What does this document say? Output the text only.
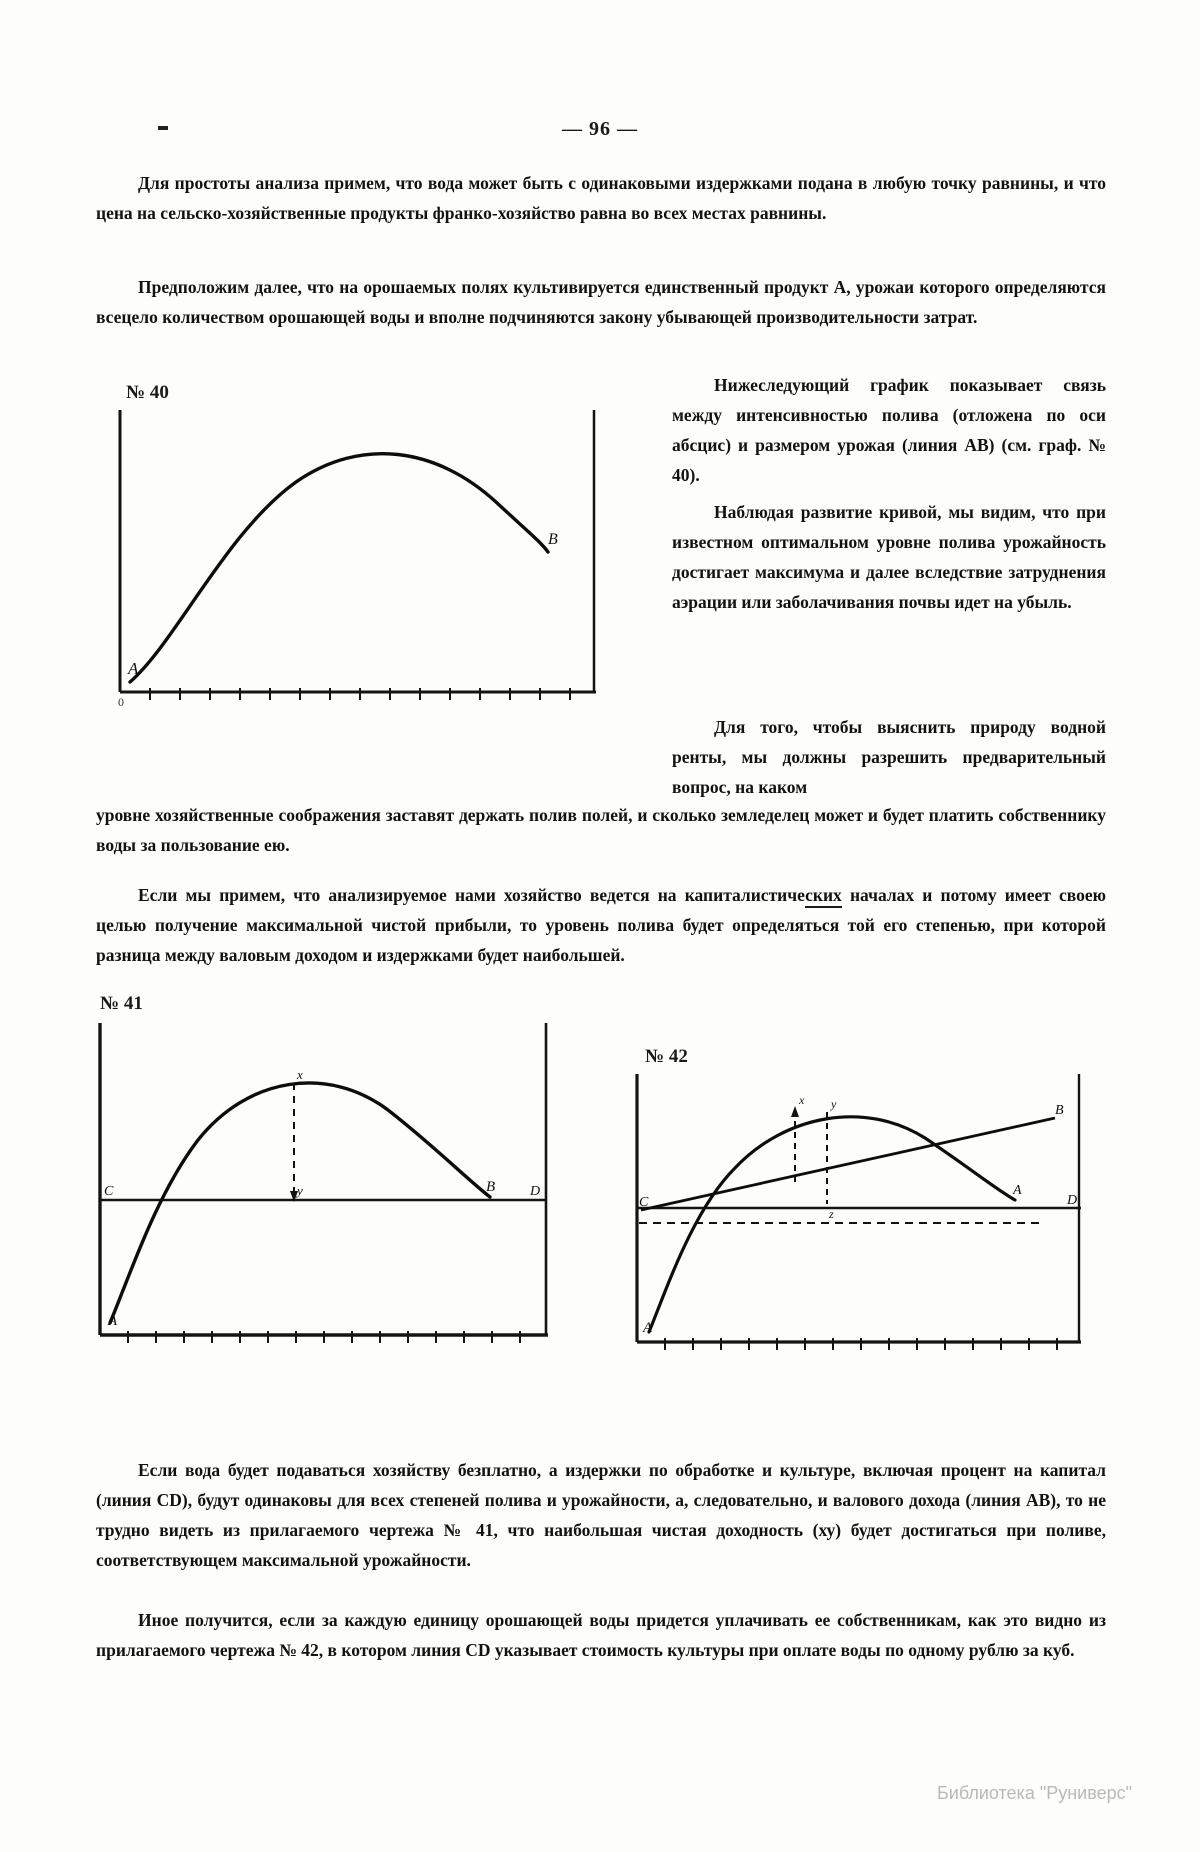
— 96 —
Для простоты анализа примем, что вода может быть с одинаковыми издержками подана в любую точку равнины, и что цена на сельско-хозяйственные продукты франко-хозяйство равна во всех местах равнины.
Предположим далее, что на орошаемых полях культивируется единственный продукт А, урожаи которого определяются всецело количеством орошающей воды и вполне подчиняются закону убывающей производительности затрат.
A
B
0
№ 40	Нижеследующий график показывает связь между интенсивностью полива (отложена по оси абсцис) и размером урожая (линия АВ) (см. граф. № 40).
Наблюдая развитие кривой, мы видим, что при известном оптимальном уровне полива урожайность достигает максимума и далее вследствие затруднения аэрации или заболачивания почвы идет на убыль.
Для того, чтобы выяснить природу водной ренты, мы должны разрешить предварительный вопрос, на каком
уровне хозяйственные соображения заставят держать полив полей, и сколько земледелец может и будет платить собственнику воды за пользование ею.
Если мы примем, что анализируемое нами хозяйство ведется на капиталистических началах и потому имеет своею целью получение максимальной чистой прибыли, то уровень полива будет определяться той его степенью, при которой разница между валовым доходом и издержками будет наибольшей.
C	D
A
B
x
y
№ 41
D
C
B
A
A
x y
z
№ 42
Если вода будет подаваться хозяйству безплатно, а издержки по обработке и культуре, включая процент на капитал (линия CD), будут одинаковы для всех степеней полива и урожайности, а, следовательно, и валового дохода (линия АВ), то не трудно видеть из прилагаемого чертежа № 41, что наибольшая чистая доходность (ху) будет достигаться при поливе, соответствующем максимальной урожайности.
Иное получится, если за каждую единицу орошающей воды придется уплачивать ее собственникам, как это видно из прилагаемого чертежа № 42, в котором линия CD указывает стоимость культуры при оплате воды по одному рублю за куб.
Библиотека "Руниверс"
